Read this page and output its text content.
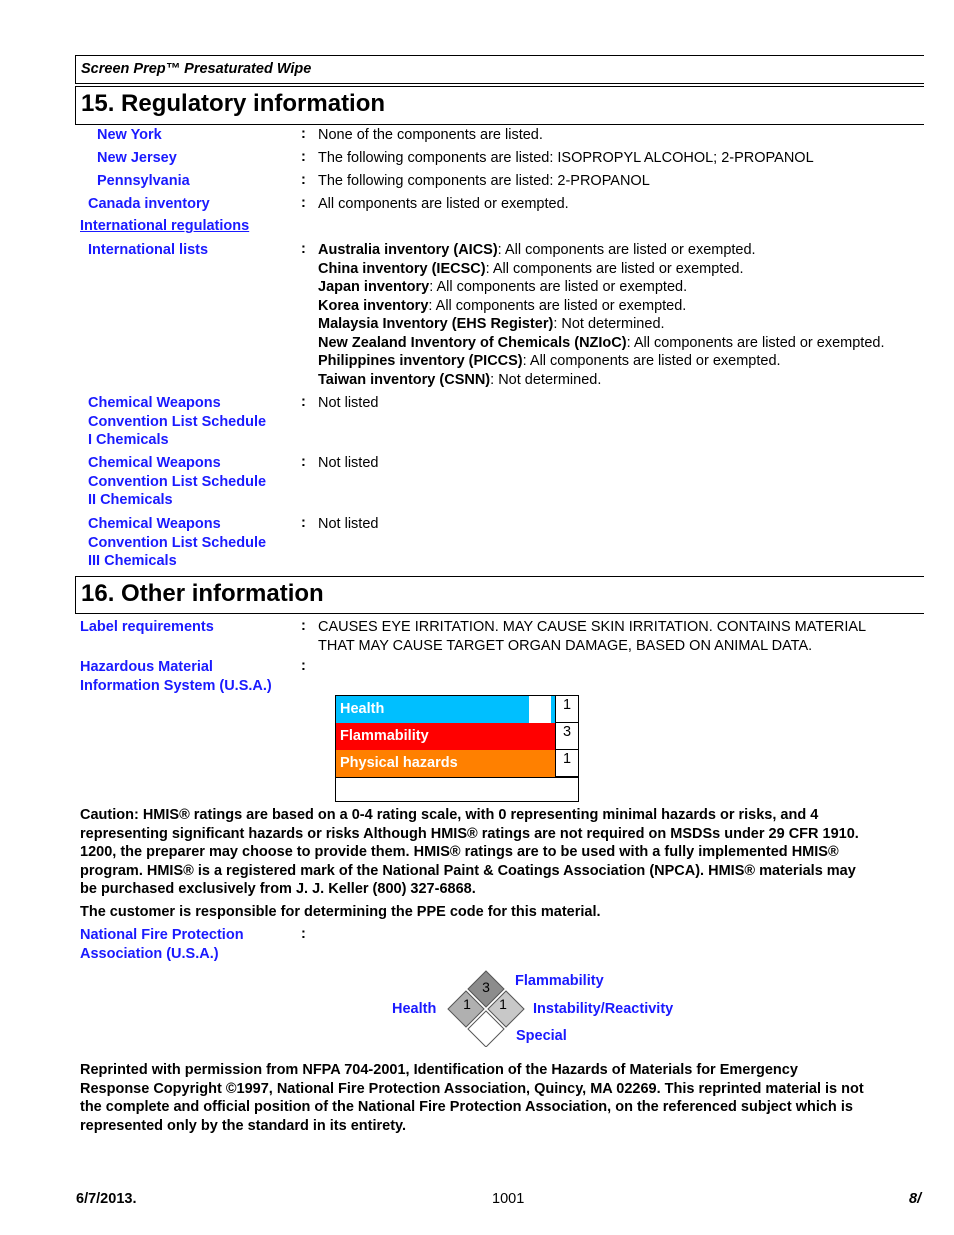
Screen Prep™ Presaturated Wipe
15. Regulatory information
New York	: None of the components are listed.
New Jersey	: The following components are listed: ISOPROPYL ALCOHOL; 2-PROPANOL
Pennsylvania	: The following components are listed: 2-PROPANOL
Canada inventory	: All components are listed or exempted.
International regulations
International lists	: Australia inventory (AICS): All components are listed or exempted.
China inventory (IECSC): All components are listed or exempted.
Japan inventory: All components are listed or exempted.
Korea inventory: All components are listed or exempted.
Malaysia Inventory (EHS Register): Not determined.
New Zealand Inventory of Chemicals (NZIoC): All components are listed or exempted.
Philippines inventory (PICCS): All components are listed or exempted.
Taiwan inventory (CSNN): Not determined.
Chemical Weapons
Convention List Schedule
I Chemicals
: Not listed
Chemical Weapons
Convention List Schedule
II Chemicals
: Not listed
Chemical Weapons
Convention List Schedule
III Chemicals
: Not listed
16. Other information
Label requirements	: CAUSES EYE IRRITATION. MAY CAUSE SKIN IRRITATION. CONTAINS MATERIAL
THAT MAY CAUSE TARGET ORGAN DAMAGE, BASED ON ANIMAL DATA.
Hazardous Material
Information System (U.S.A.)
:
Health	1
Flammability	3
Physical hazards	1
Caution: HMIS® ratings are based on a 0-4 rating scale, with 0 representing minimal hazards or risks, and 4
representing significant hazards or risks Although HMIS® ratings are not required on MSDSs under 29 CFR 1910.
1200, the preparer may choose to provide them. HMIS® ratings are to be used with a fully implemented HMIS®
program. HMIS® is a registered mark of the National Paint & Coatings Association (NPCA). HMIS® materials may
be purchased exclusively from J. J. Keller (800) 327-6868.
The customer is responsible for determining the PPE code for this material.
National Fire Protection
Association (U.S.A.)
:
3
1 1
Flammability
Health	Instability/Reactivity
Special
Reprinted with permission from NFPA 704-2001, Identification of the Hazards of Materials for Emergency
Response Copyright ©1997, National Fire Protection Association, Quincy, MA 02269. This reprinted material is not
the complete and official position of the National Fire Protection Association, on the referenced subject which is
represented only by the standard in its entirety.
6/7/2013.	1001	8/
